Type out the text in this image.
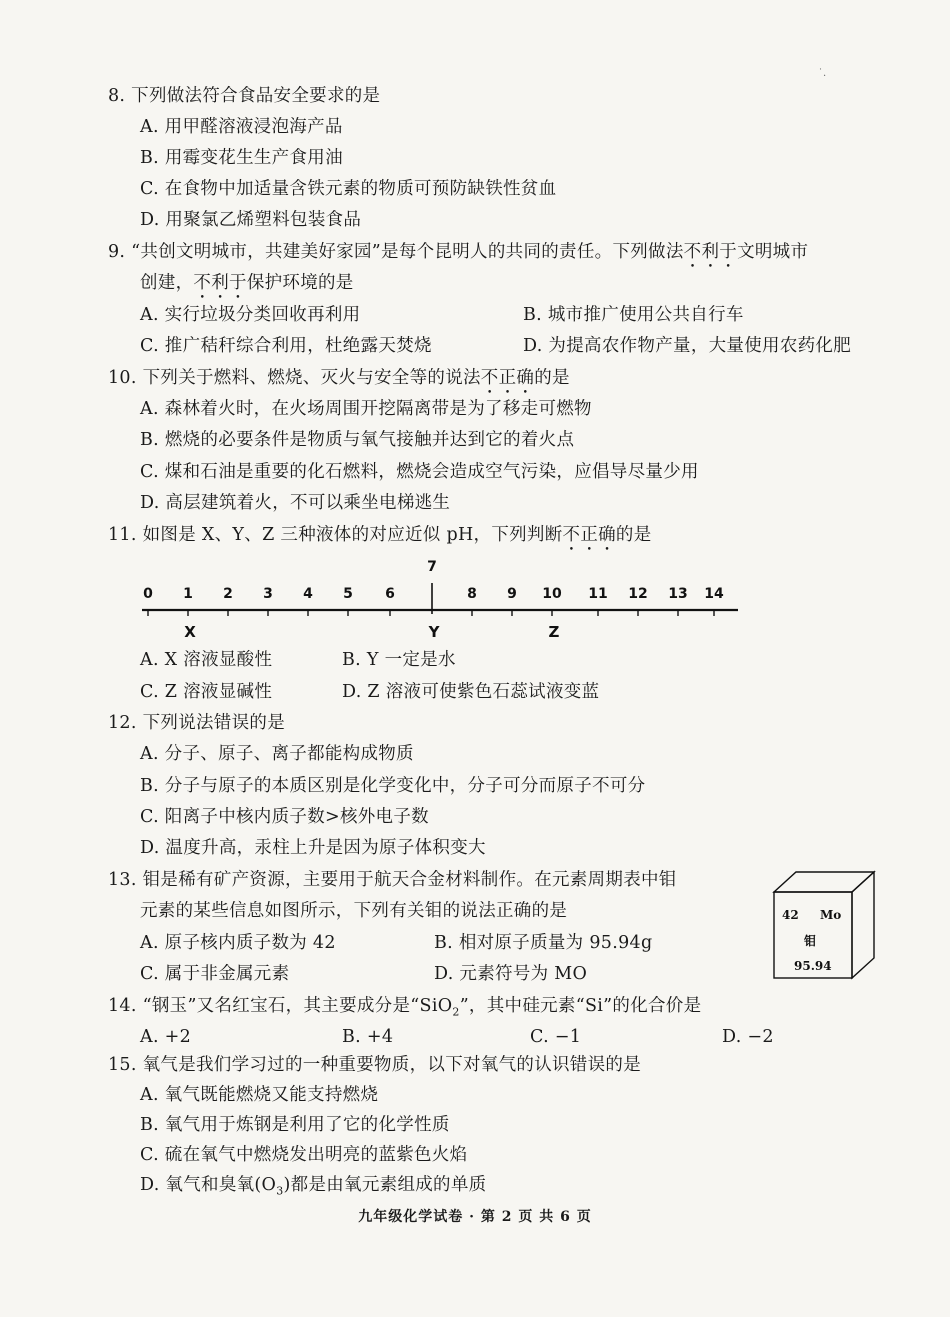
8. 下列做法符合食品安全要求的是
A. 用甲醛溶液浸泡海产品
B. 用霉变花生生产食用油
C. 在食物中加适量含铁元素的物质可预防缺铁性贫血
D. 用聚氯乙烯塑料包装食品
9. “共创文明城市，共建美好家园”是每个昆明人的共同的责任。下列做法不利于文明城市
创建，不利于保护环境的是
A. 实行垃圾分类回收再利用	B. 城市推广使用公共自行车
C. 推广秸秆综合利用，杜绝露天焚烧	D. 为提高农作物产量，大量使用农药化肥
10. 下列关于燃料、燃烧、灭火与安全等的说法不正确的是
A. 森林着火时，在火场周围开挖隔离带是为了移走可燃物
B. 燃烧的必要条件是物质与氧气接触并达到它的着火点
C. 煤和石油是重要的化石燃料，燃烧会造成空气污染，应倡导尽量少用
D. 高层建筑着火，不可以乘坐电梯逃生
11. 如图是 X、Y、Z 三种液体的对应近似 pH，下列判断不正确的是
0 1 2 3 4 5 6
7
8 9 10 11 12 13 14
X	Y	Z
A. X 溶液显酸性	B. Y 一定是水
C. Z 溶液显碱性	D. Z 溶液可使紫色石蕊试液变蓝
12. 下列说法错误的是
A. 分子、原子、离子都能构成物质
B. 分子与原子的本质区别是化学变化中，分子可分而原子不可分
C. 阳离子中核内质子数>核外电子数
D. 温度升高，汞柱上升是因为原子体积变大
13. 钼是稀有矿产资源，主要用于航天合金材料制作。在元素周期表中钼
元素的某些信息如图所示，下列有关钼的说法正确的是
A. 原子核内质子数为 42	B. 相对原子质量为 95.94g
C. 属于非金属元素	D. 元素符号为 MO
42 Mo
钼
95.94
14. “钢玉”又名红宝石，其主要成分是“SiO$_2$”，其中硅元素“Si”的化合价是
A. +2	B. +4	C. −1	D. −2
15. 氧气是我们学习过的一种重要物质，以下对氧气的认识错误的是
A. 氧气既能燃烧又能支持燃烧
B. 氧气用于炼钢是利用了它的化学性质
C. 硫在氧气中燃烧发出明亮的蓝紫色火焰
D. 氧气和臭氧$(O_3)$都是由氧元素组成的单质
九年级化学试卷 · 第 2 页 共 6 页
˙.
